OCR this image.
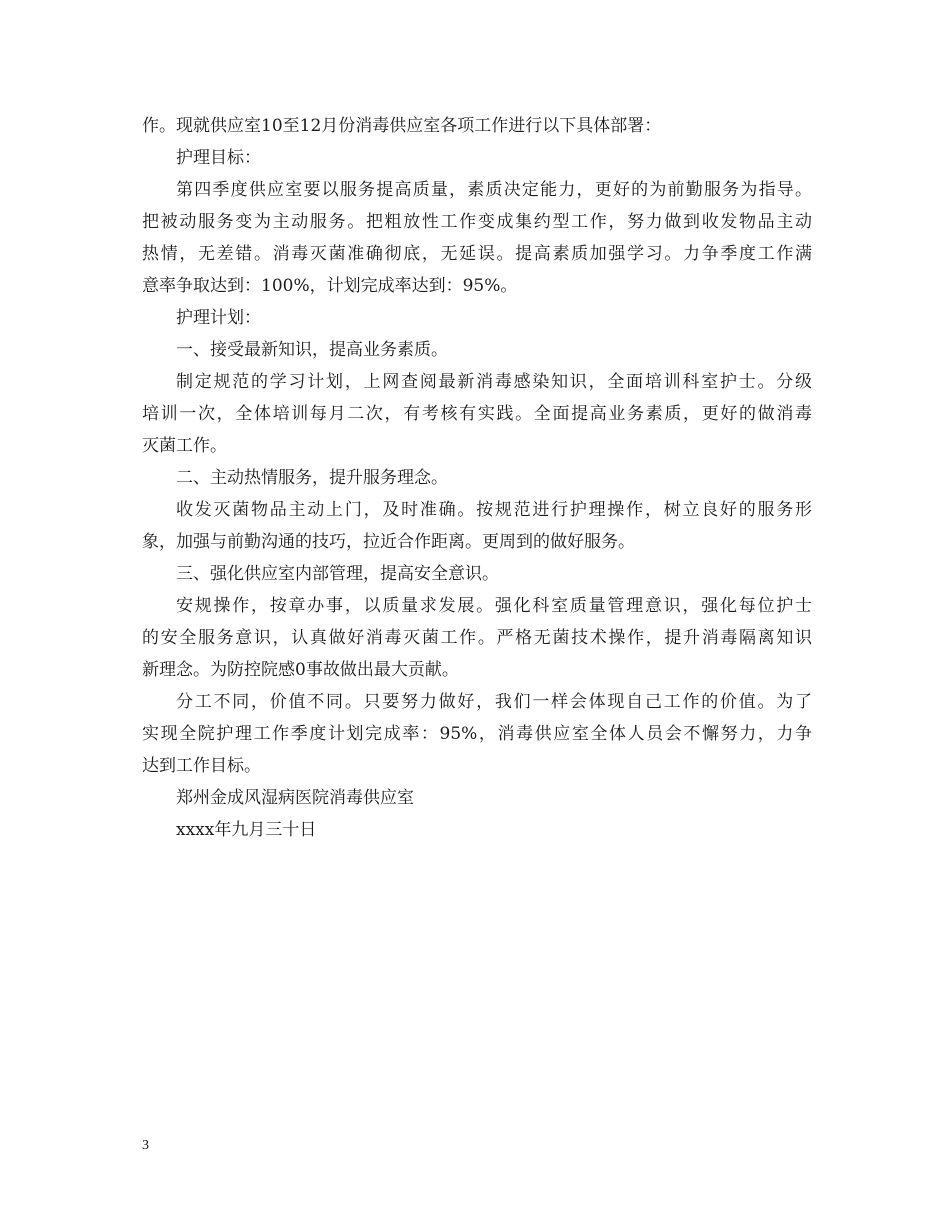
作。现就供应室10至12月份消毒供应室各项工作进行以下具体部署：

护理目标：

第四季度供应室要以服务提高质量，素质决定能力，更好的为前勤服务为指导。

把被动服务变为主动服务。把粗放性工作变成集约型工作，努力做到收发物品主动

热情，无差错。消毒灭菌准确彻底，无延误。提高素质加强学习。力争季度工作满

意率争取达到：100%，计划完成率达到：95%。

护理计划：

一、接受最新知识，提高业务素质。

制定规范的学习计划，上网查阅最新消毒感染知识，全面培训科室护士。分级

培训一次，全体培训每月二次，有考核有实践。全面提高业务素质，更好的做消毒

灭菌工作。

二、主动热情服务，提升服务理念。

收发灭菌物品主动上门，及时准确。按规范进行护理操作，树立良好的服务形

象，加强与前勤沟通的技巧，拉近合作距离。更周到的做好服务。

三、强化供应室内部管理，提高安全意识。

安规操作，按章办事，以质量求发展。强化科室质量管理意识，强化每位护士

的安全服务意识，认真做好消毒灭菌工作。严格无菌技术操作，提升消毒隔离知识

新理念。为防控院感0事故做出最大贡献。

分工不同，价值不同。只要努力做好，我们一样会体现自己工作的价值。为了

实现全院护理工作季度计划完成率：95%，消毒供应室全体人员会不懈努力，力争

达到工作目标。

郑州金成风湿病医院消毒供应室

xxxx年九月三十日

3
